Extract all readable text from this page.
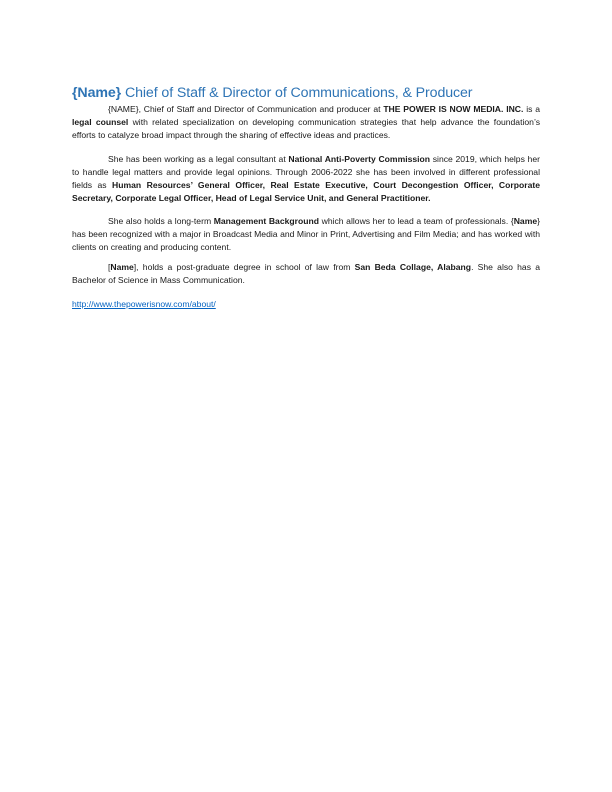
{Name} Chief of Staff & Director of Communications, & Producer

{NAME}, Chief of Staff and Director of Communication and producer at THE POWER IS NOW MEDIA. INC. is a legal counsel with related specialization on developing communication strategies that help advance the foundation’s efforts to catalyze broad impact through the sharing of effective ideas and practices.

She has been working as a legal consultant at National Anti-Poverty Commission since 2019, which helps her to handle legal matters and provide legal opinions. Through 2006-2022 she has been involved in different professional fields as Human Resources’ General Officer, Real Estate Executive, Court Decongestion Officer, Corporate Secretary, Corporate Legal Officer, Head of Legal Service Unit, and General Practitioner.

She also holds a long-term Management Background which allows her to lead a team of professionals. {Name} has been recognized with a major in Broadcast Media and Minor in Print, Advertising and Film Media; and has worked with clients on creating and producing content.

[Name], holds a post-graduate degree in school of law from San Beda Collage, Alabang. She also has a Bachelor of Science in Mass Communication.

http://www.thepowerisnow.com/about/
